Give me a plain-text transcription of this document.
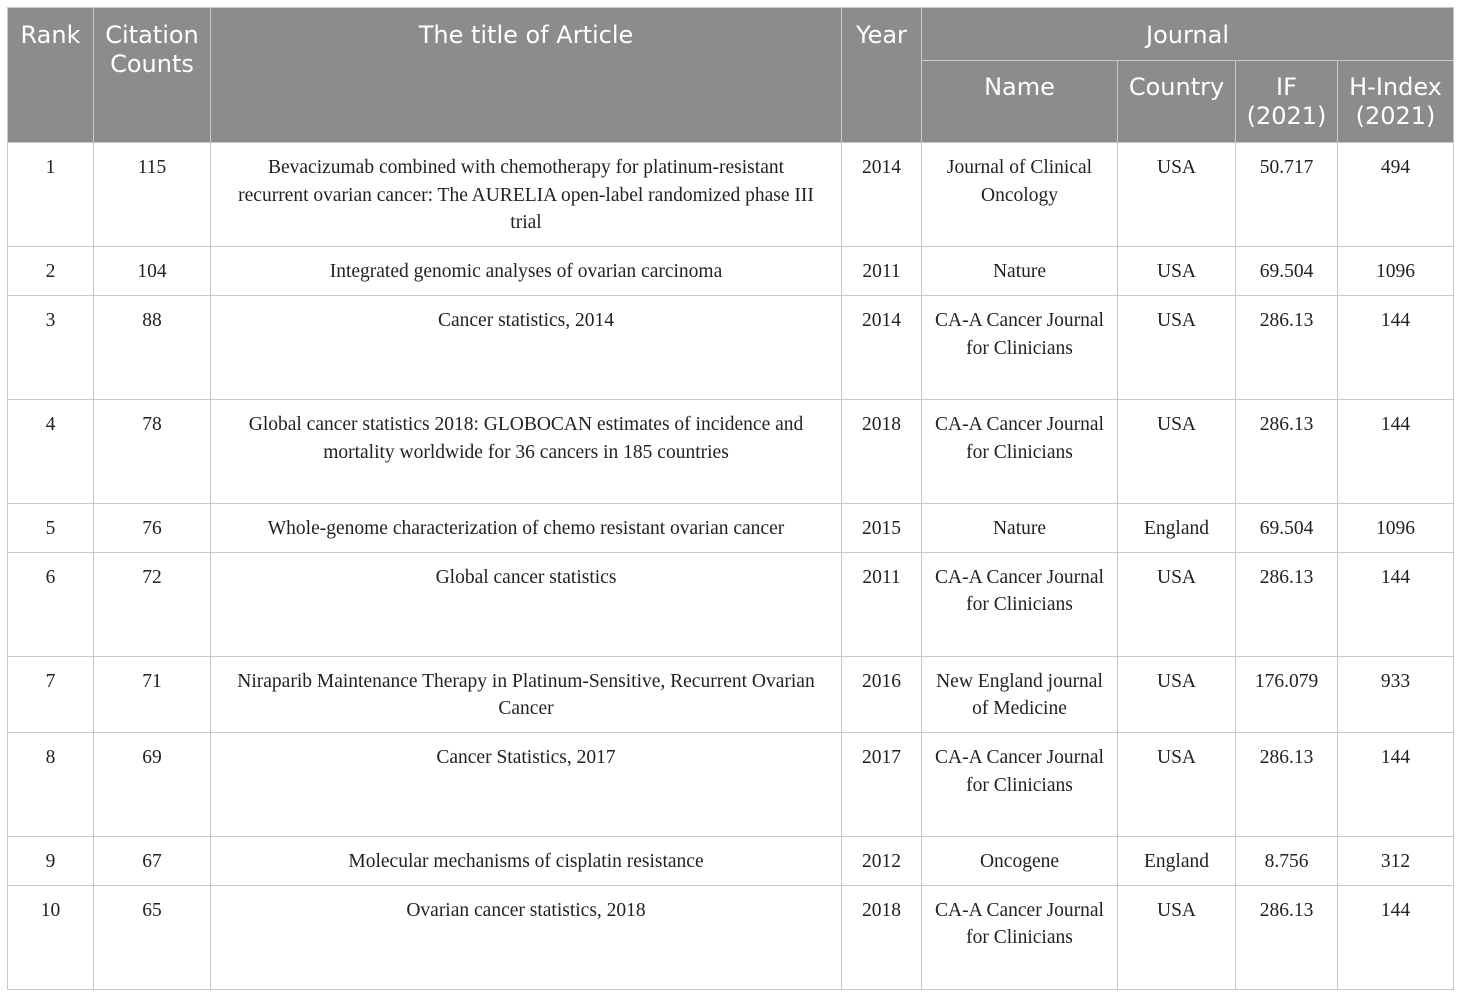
Rank	Citation Counts	The title of Article	Year	Journal			
				Name	Country	IF (2021)	H-Index (2021)
1	115	Bevacizumab combined with chemotherapy for platinum-resistant recurrent ovarian cancer: The AURELIA open-label randomized phase III trial	2014	Journal of Clinical Oncology	USA	50.717	494
2	104	Integrated genomic analyses of ovarian carcinoma	2011	Nature	USA	69.504	1096
3	88	Cancer statistics, 2014	2014	CA-A Cancer Journal for Clinicians	USA	286.13	144
4	78	Global cancer statistics 2018: GLOBOCAN estimates of incidence and mortality worldwide for 36 cancers in 185 countries	2018	CA-A Cancer Journal for Clinicians	USA	286.13	144
5	76	Whole-genome characterization of chemo resistant ovarian cancer	2015	Nature	England	69.504	1096
6	72	Global cancer statistics	2011	CA-A Cancer Journal for Clinicians	USA	286.13	144
7	71	Niraparib Maintenance Therapy in Platinum-Sensitive, Recurrent Ovarian Cancer	2016	New England journal of Medicine	USA	176.079	933
8	69	Cancer Statistics, 2017	2017	CA-A Cancer Journal for Clinicians	USA	286.13	144
9	67	Molecular mechanisms of cisplatin resistance	2012	Oncogene	England	8.756	312
10	65	Ovarian cancer statistics, 2018	2018	CA-A Cancer Journal for Clinicians	USA	286.13	144
